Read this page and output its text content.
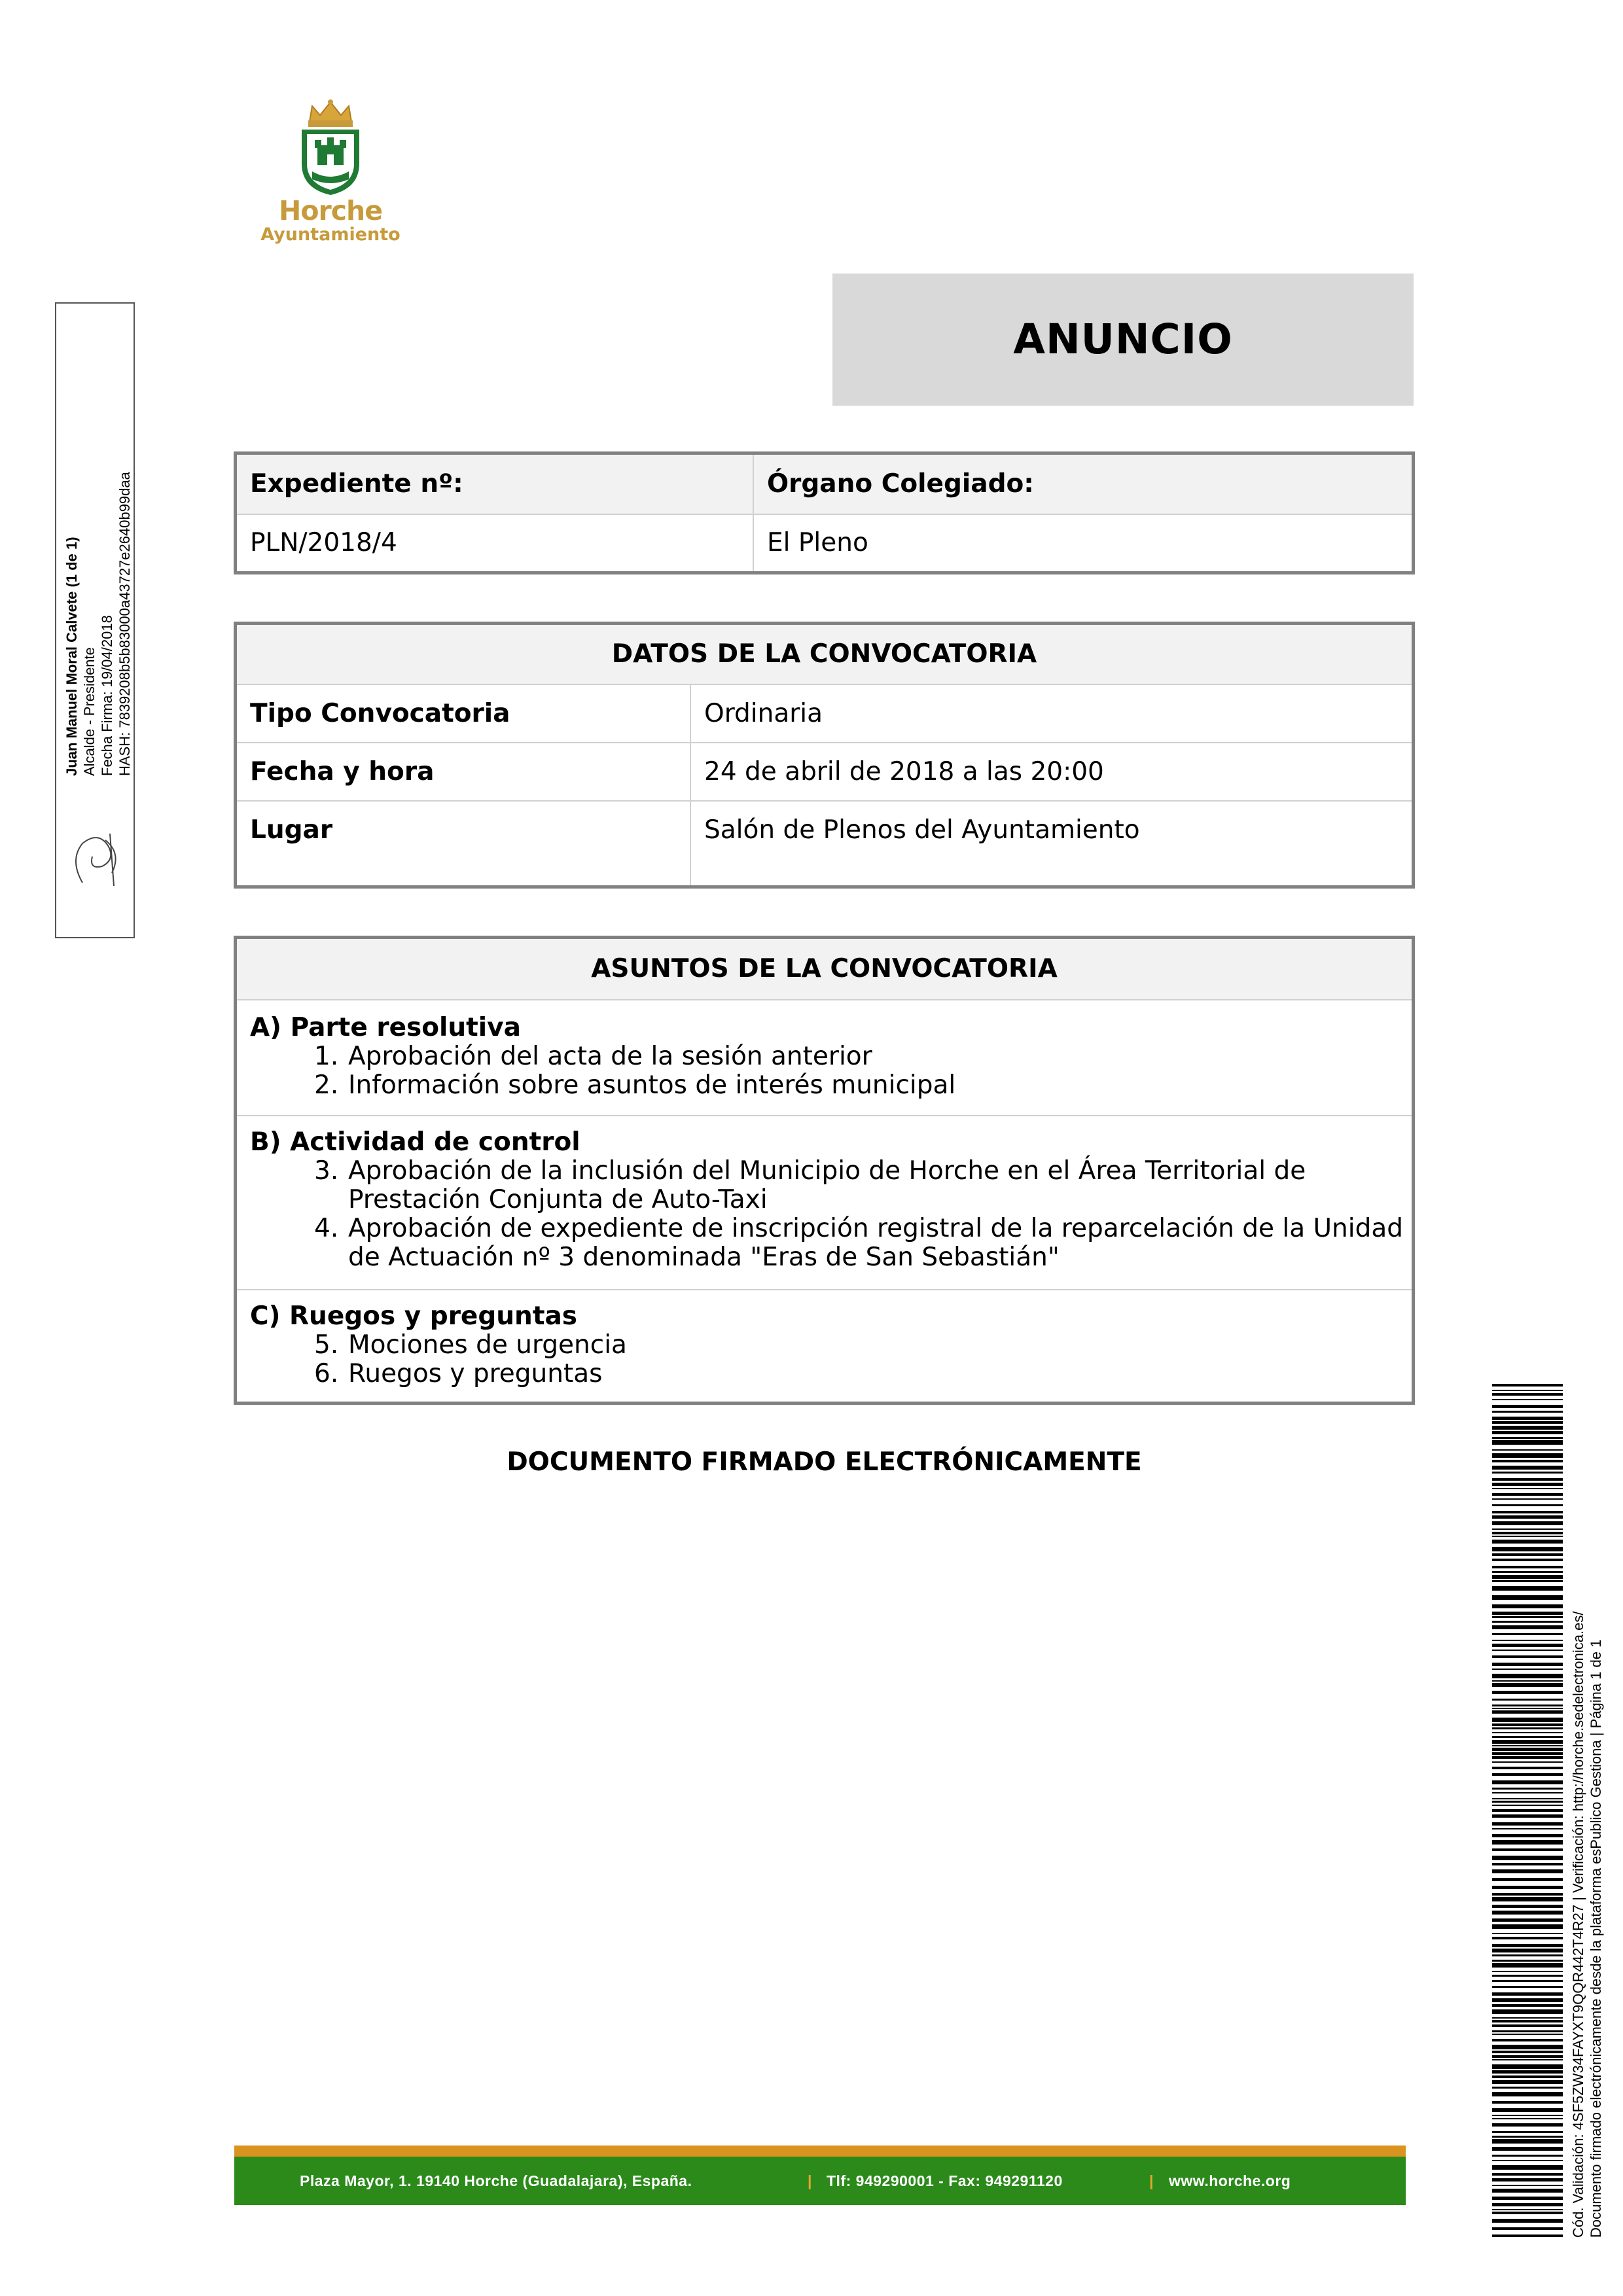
Horche
Ayuntamiento
ANUNCIO
Expediente nº:	Órgano Colegiado:
PLN/2018/4	El Pleno
DATOS DE LA CONVOCATORIA
Tipo Convocatoria	Ordinaria
Fecha y hora	24 de abril de 2018 a las 20:00
Lugar	Salón de Plenos del Ayuntamiento
ASUNTOS DE LA CONVOCATORIA
A) Parte resolutiva
1. Aprobación del acta de la sesión anterior
2. Información sobre asuntos de interés municipal
B) Actividad de control
3. Aprobación de la inclusión del Municipio de Horche en el Área Territorial de
Prestación Conjunta de Auto-Taxi
4. Aprobación de expediente de inscripción registral de la reparcelación de la Unidad
de Actuación nº 3 denominada "Eras de San Sebastián"
C) Ruegos y preguntas
5. Mociones de urgencia
6. Ruegos y preguntas
DOCUMENTO FIRMADO ELECTRÓNICAMENTE
Plaza Mayor, 1. 19140 Horche (Guadalajara), España.	| Tlf: 949290001 - Fax: 949291120	| www.horche.org
Juan Manuel Moral Calvete (1 de 1) Alcalde - Presidente Fecha Firma: 19/04/2018 HASH: 7839208b5b83000a43727e2640b99daa
Cód. Validación: 4SF5ZW34FAYXT9QQR442T4R27 | Verificación: http://horche.sedelectronica.es/ Documento firmado electrónicamente desde la plataforma esPublico Gestiona | Página 1 de 1
